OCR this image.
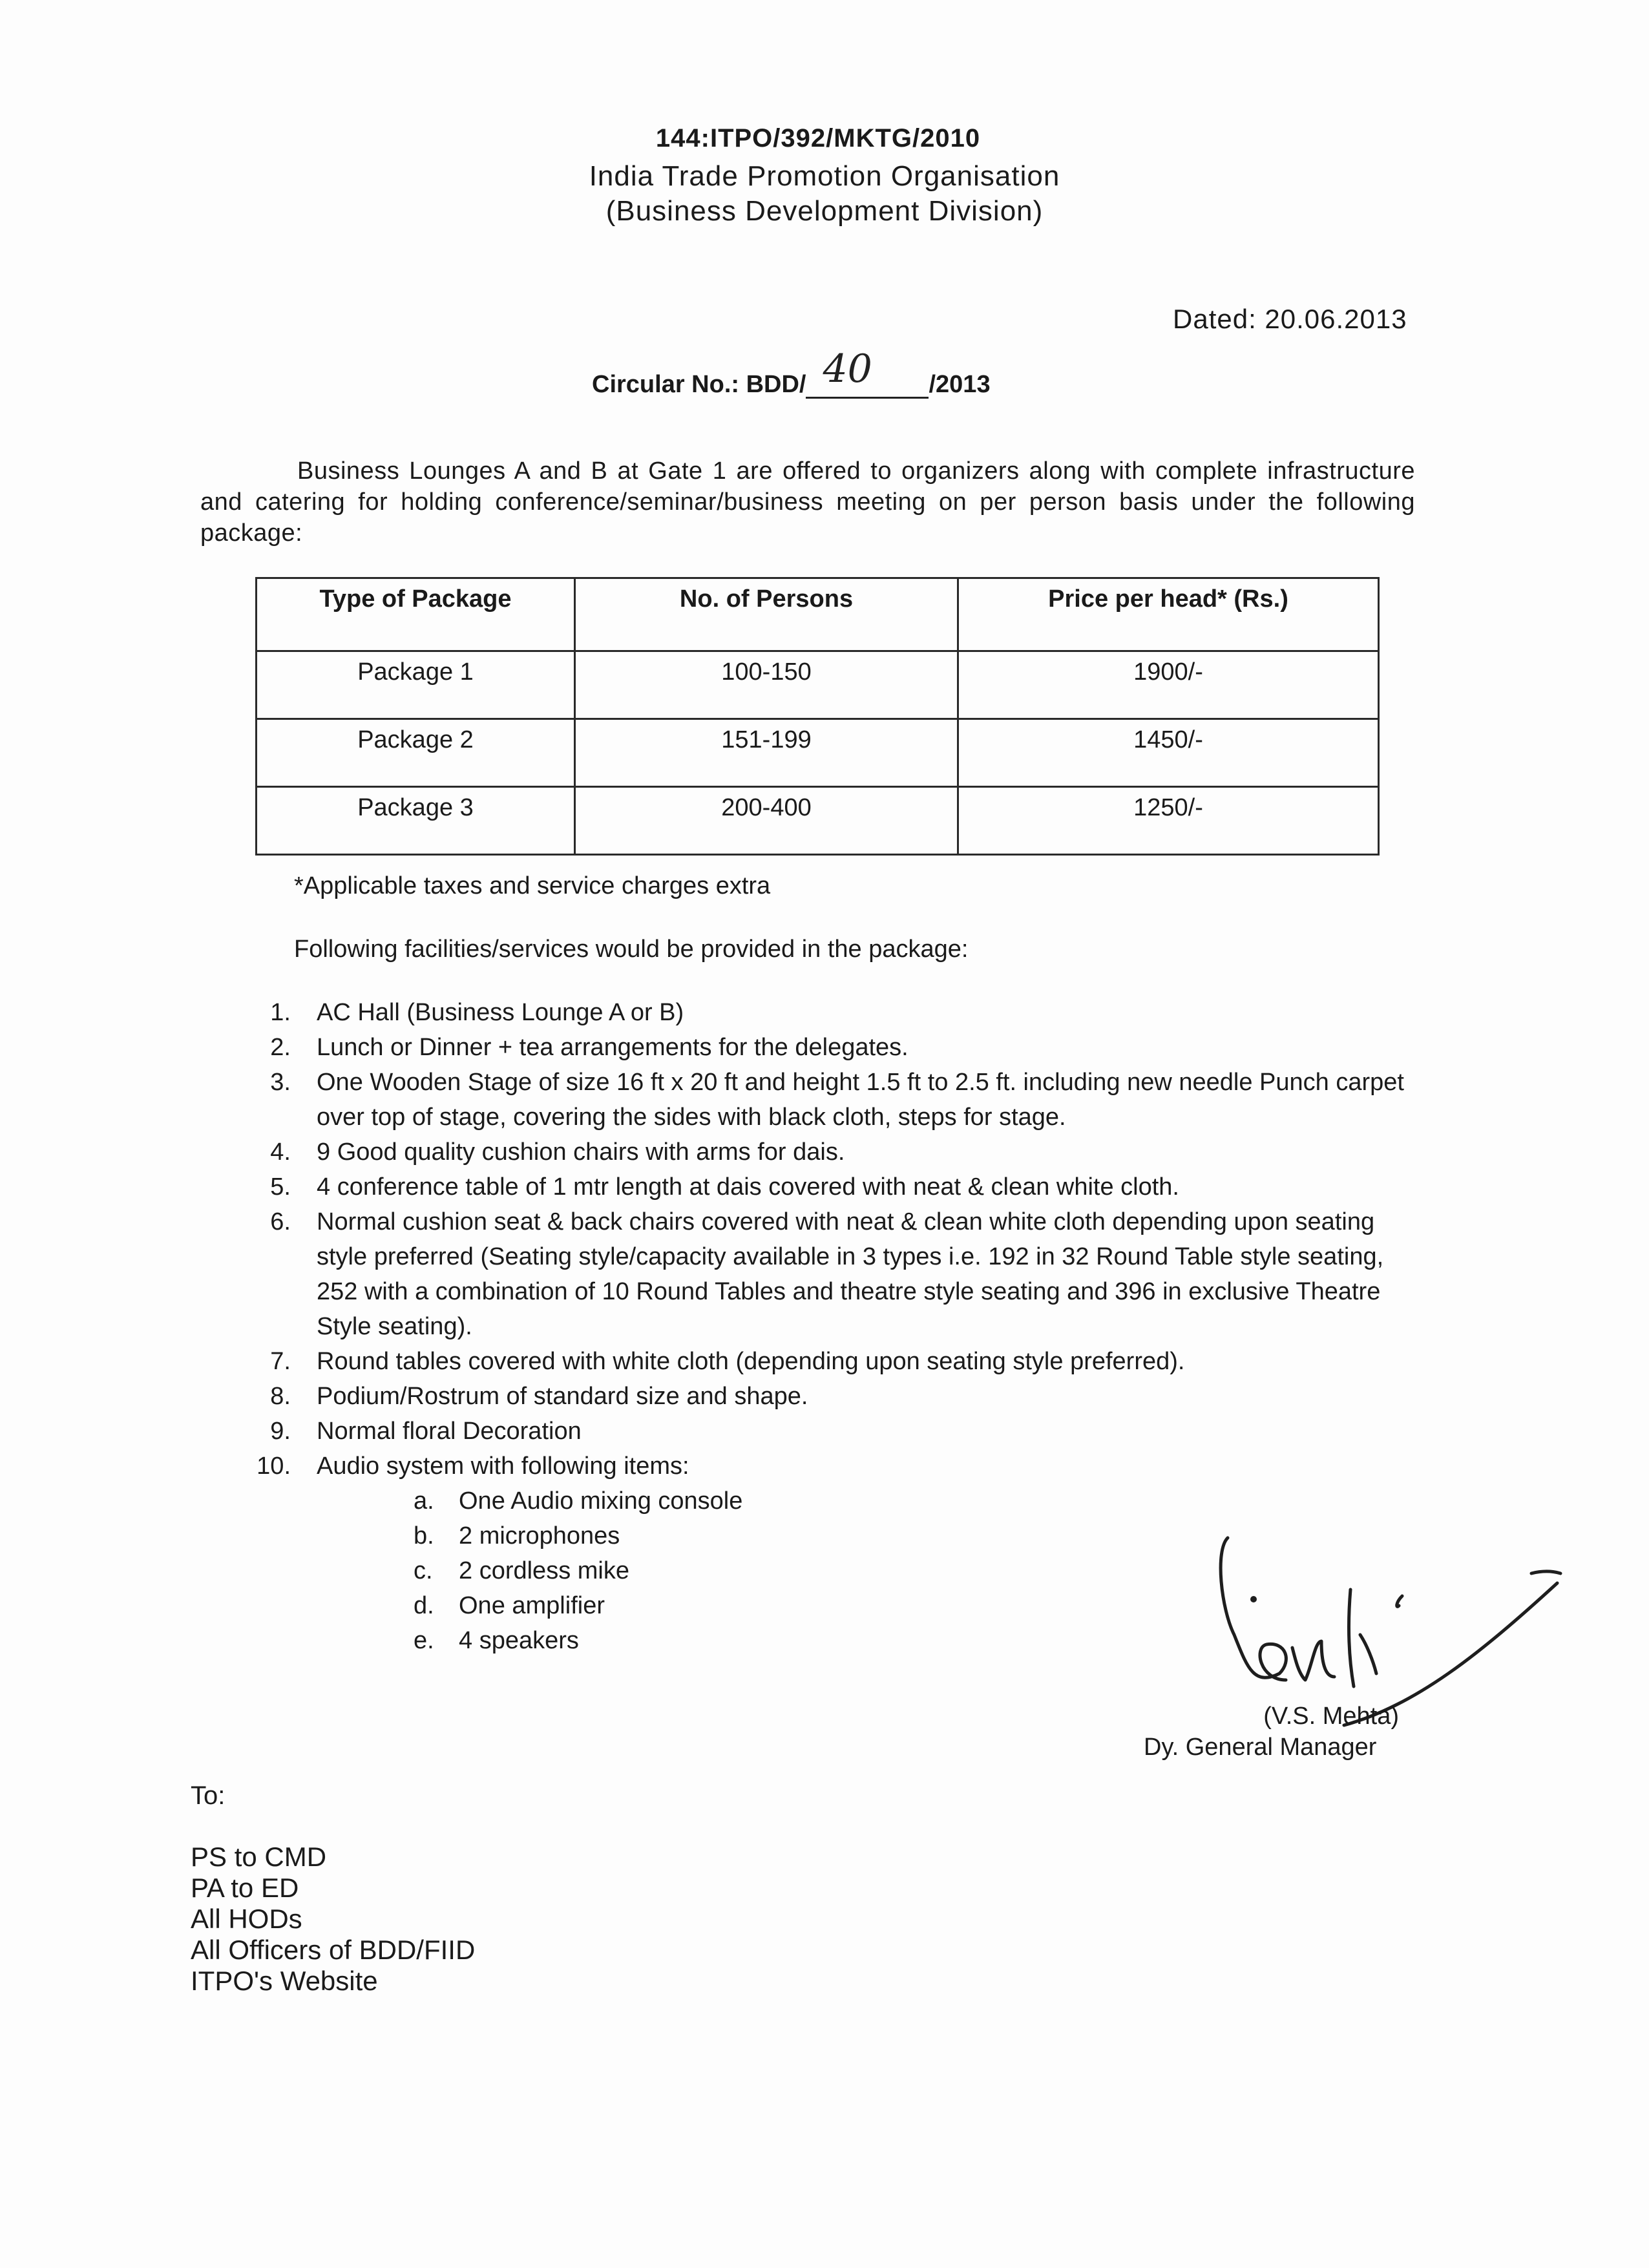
144:ITPO/392/MKTG/2010
India Trade Promotion Organisation
(Business Development Division)
Dated: 20.06.2013
Circular No.: BDD/ 40 /2013
Business Lounges A and B at Gate 1 are offered to organizers along with complete infrastructure and catering for holding conference/seminar/business meeting on per person basis under the following package:
Type of Package	No. of Persons	Price per head* (Rs.)
Package 1	100-150	1900/-
Package 2	151-199	1450/-
Package 3	200-400	1250/-
*Applicable taxes and service charges extra
Following facilities/services would be provided in the package:
1.	AC Hall (Business Lounge A or B)
2.	Lunch or Dinner + tea arrangements for the delegates.
3.	One Wooden Stage of size 16 ft x 20 ft and height 1.5 ft to 2.5 ft. including new needle Punch carpet over top of stage, covering the sides with black cloth, steps for stage.
4.	9 Good quality cushion chairs with arms for dais.
5.	4 conference table of 1 mtr length at dais covered with neat & clean white cloth.
6.	Normal cushion seat & back chairs covered with neat & clean white cloth depending upon seating style preferred (Seating style/capacity available in 3 types i.e. 192 in 32 Round Table style seating, 252 with a combination of 10 Round Tables and theatre style seating and 396 in exclusive Theatre Style seating).
7.	Round tables covered with white cloth (depending upon seating style preferred).
8.	Podium/Rostrum of standard size and shape.
9.	Normal floral Decoration
10.	Audio system with following items:
a.	One Audio mixing console
b.	2 microphones
c.	2 cordless mike
d.	One amplifier
e.	4 speakers
(V.S. Mehta)
Dy. General Manager
To:
PS to CMD
PA to ED
All HODs
All Officers of BDD/FIID
ITPO's Website
